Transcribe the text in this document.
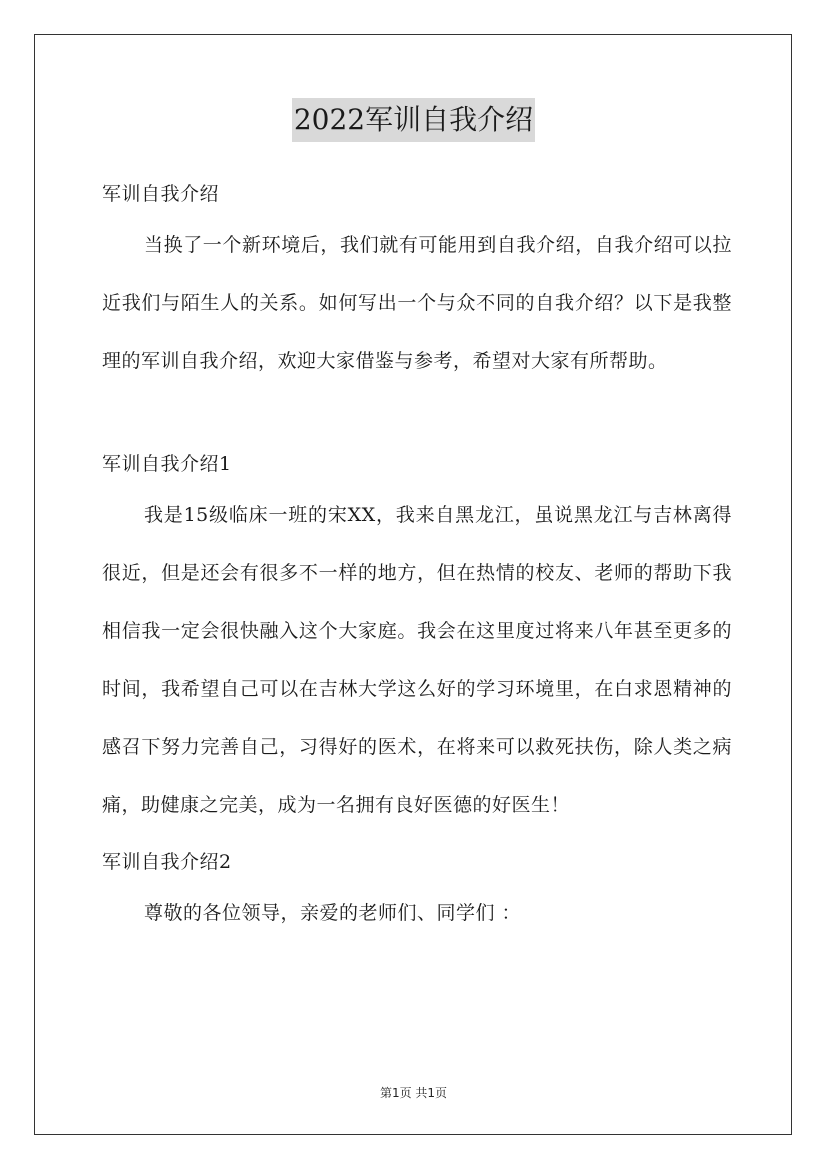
2022军训自我介绍

军训自我介绍

当换了一个新环境后，我们就有可能用到自我介绍，自我介绍可以拉近我们与陌生人的关系。如何写出一个与众不同的自我介绍？以下是我整理的军训自我介绍，欢迎大家借鉴与参考，希望对大家有所帮助。

军训自我介绍1

我是15级临床一班的宋XX，我来自黑龙江，虽说黑龙江与吉林离得很近，但是还会有很多不一样的地方，但在热情的校友、老师的帮助下我相信我一定会很快融入这个大家庭。我会在这里度过将来八年甚至更多的时间，我希望自己可以在吉林大学这么好的学习环境里，在白求恩精神的感召下努力完善自己，习得好的医术，在将来可以救死扶伤，除人类之病痛，助健康之完美，成为一名拥有良好医德的好医生！

军训自我介绍2

尊敬的各位领导，亲爱的老师们、同学们 ：

第1页 共1页
